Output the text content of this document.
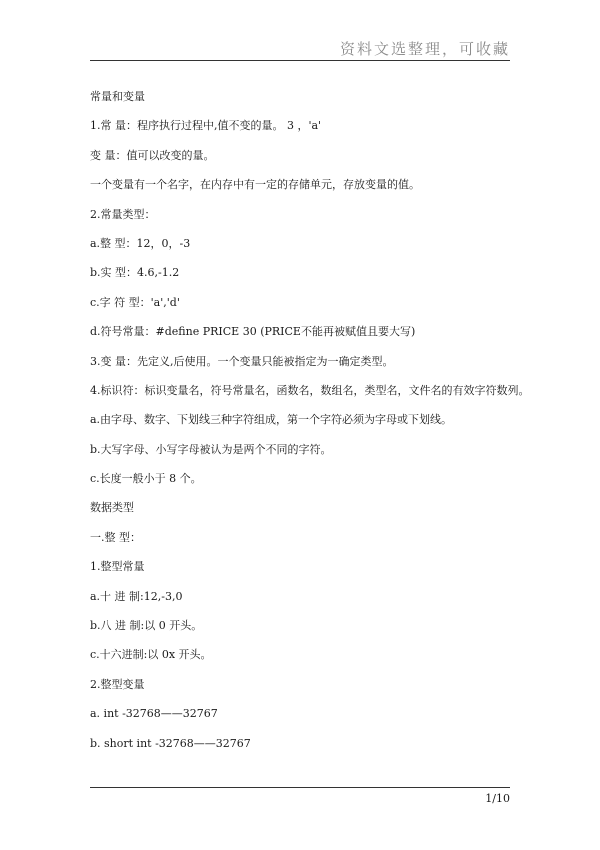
资料文选整理，可收藏
常量和变量
1.常 量：程序执行过程中,值不变的量。 3 ，'a'
变 量：值可以改变的量。
一个变量有一个名字，在内存中有一定的存储单元，存放变量的值。
2.常量类型：
a.整 型：12，0，-3
b.实 型：4.6,-1.2
c.字 符 型：'a','d'
d.符号常量：#define PRICE 30 (PRICE不能再被赋值且要大写)
3.变 量：先定义,后使用。一个变量只能被指定为一确定类型。
4.标识符：标识变量名，符号常量名，函数名，数组名，类型名，文件名的有效字符数列。
a.由字母、数字、下划线三种字符组成，第一个字符必须为字母或下划线。
b.大写字母、小写字母被认为是两个不同的字符。
c.长度一般小于 8 个。
数据类型
一.整 型：
1.整型常量
a.十 进 制:12,-3,0
b.八 进 制:以 0 开头。
c.十六进制:以 0x 开头。
2.整型变量
a. int -32768——32767
b. short int -32768——32767
1/10
